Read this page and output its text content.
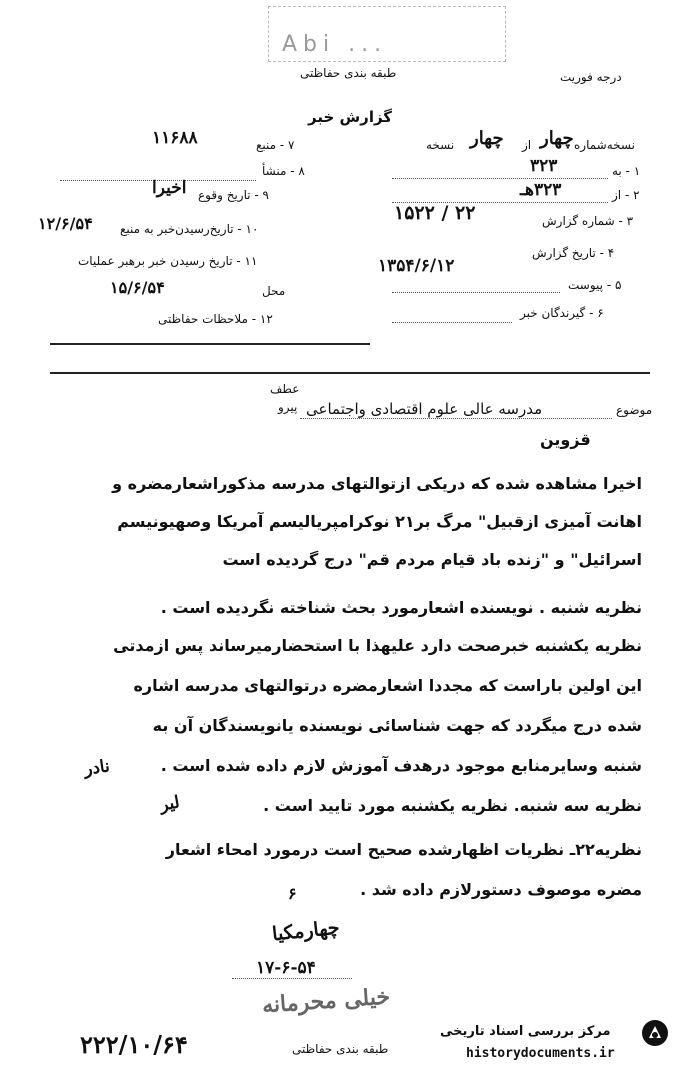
Abi ...
طبقه بندی حفاظتی	درجه فوریت
گزارش خبر
نسخه‌شماره
چهار
از
چهار
نسخه
۱ - به
۳۲۳
۲ - از
۳۲۳هـ
۳ - شماره گزارش
۲۲ / ۱۵۲۲
۴ - تاریخ گزارش
۱۳۵۴/۶/۱۲
۵ - پیوست
۶ - گیرندگان خبر
۷ - منبع
۱۱۶۸۸
۸ - منشأ
۹ - تاریخ وقوع
اخیرا
۱۰ - تاریخ‌رسیدن‌خبر به منبع
۱۲/۶/۵۴
۱۱ - تاریخ رسیدن خبر برهبر عملیات
محل
۱۵/۶/۵۴
۱۲ - ملاحظات حفاظتی
عطف
پیرو	موضوع
مدرسه عالی علوم اقتصادی واجتماعی
قزوین
اخیرا مشاهده شده که دریکی ازتوالتهای مدرسه مذکوراشعارمضره و
اهانت آمیزی ازقبیل" مرگ بر۲۱ نوکرامپریالیسم آمریکا وصهیونیسم
اسرائیل" و "زنده باد قیام مردم قم" درج گردیده است
نظریه شنبه . نویسنده اشعارمورد بحث شناخته نگردیده است .
نظریه یکشنبه خبرصحت دارد علیهذا با استحضارمیرساند پس ازمدتی
این اولین باراست که مجددا اشعارمضره درتوالتهای مدرسه اشاره
شده درج میگردد که جهت شناسائی نویسنده یانویسندگان آن به
شنبه وسایرمنابع موجود درهدف آموزش لازم داده شده است .
نظریه سه شنبه. نظریه یکشنبه مورد تایید است .
نظریه۲۲ـ نظریات اظهارشده صحیح است درمورد امحاء اشعار
مضره موصوف دستورلازم داده شد .
نادر
لیر
۶
چهارمکیا
۱۷-۶-۵۴
خیلی محرمانه
۲۲۲/۱۰/۶۴	طبقه بندی حفاظتی
مرکز بررسی اسناد تاریخی
historydocuments.ir
